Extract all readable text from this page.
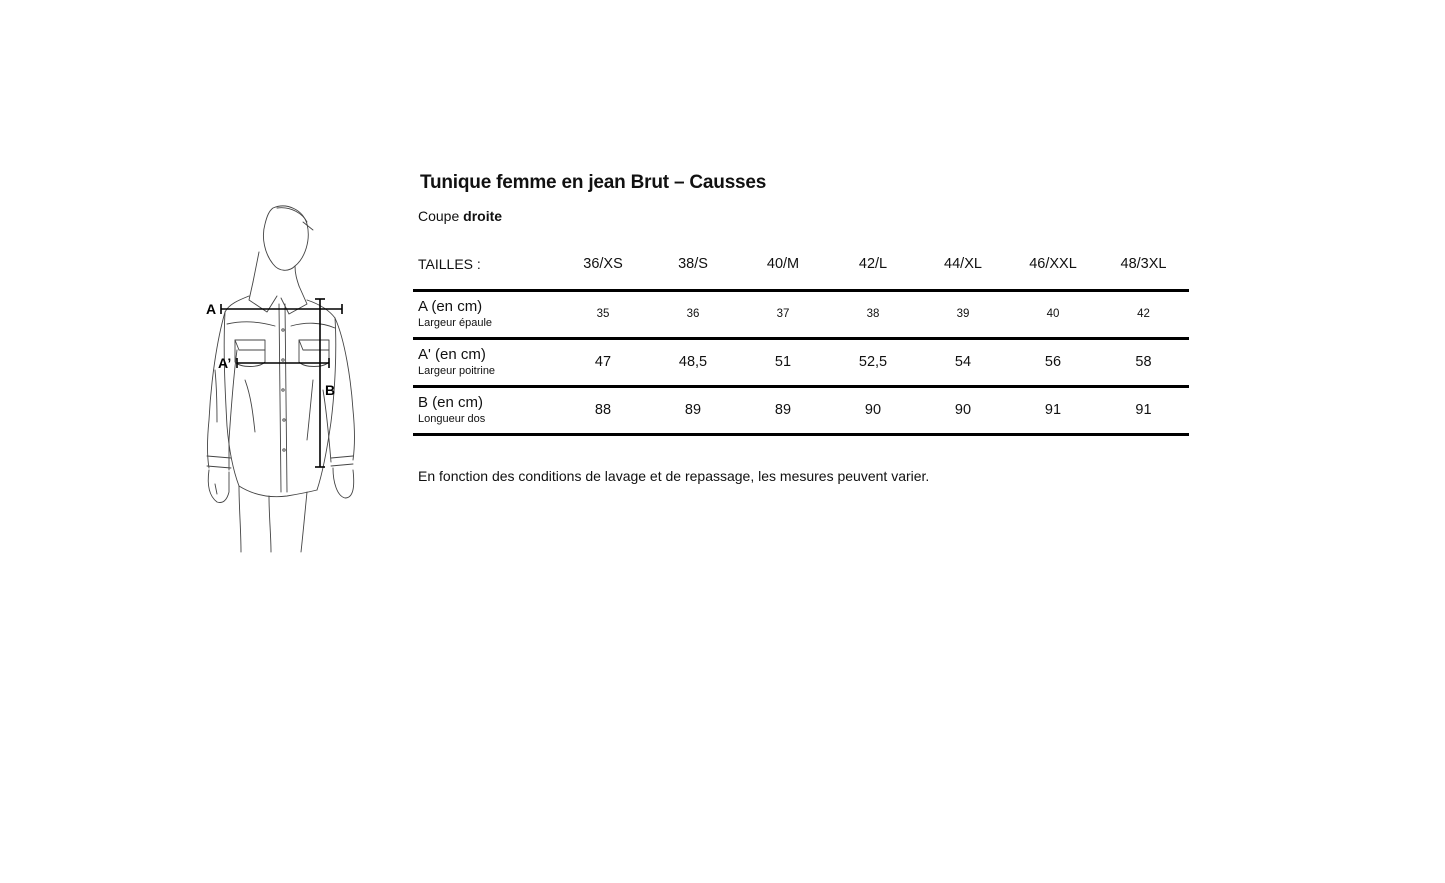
A
A’
B
Tunique femme en jean Brut – Causses
Coupe droite
TAILLES :	36/XS	38/S	40/M	42/L	44/XL	46/XXL	48/3XL

A (en cm)
Largeur épaule	35	36	37	38	39	40	42

A' (en cm)
Largeur poitrine	47	48,5	51	52,5	54	56	58

B (en cm)
Longueur dos	88	89	89	90	90	91	91
En fonction des conditions de lavage et de repassage, les mesures peuvent varier.
